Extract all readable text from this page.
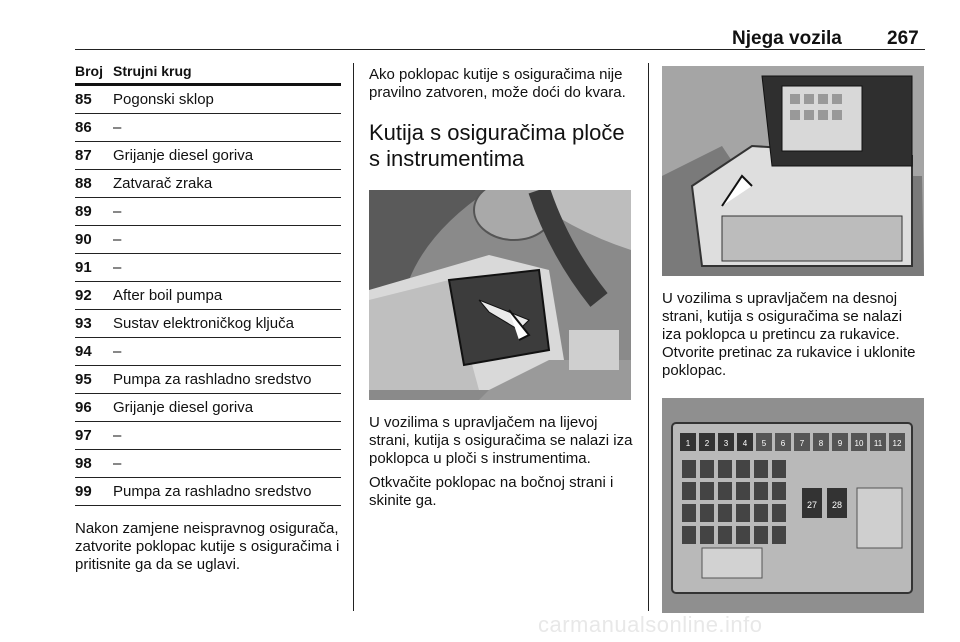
Njega vozila 267
Broj Strujni krug
85	Pogonski sklop
86	–
87	Grijanje diesel goriva
88	Zatvarač zraka
89	–
90	–
91	–
92	After boil pumpa
93	Sustav elektroničkog ključa
94	–
95	Pumpa za rashladno sredstvo
96	Grijanje diesel goriva
97	–
98	–
99	Pumpa za rashladno sredstvo
Nakon zamjene neispravnog osigurača, zatvorite poklopac kutije s osiguračima i pritisnite ga da se uglavi.

Ako poklopac kutije s osiguračima nije pravilno zatvoren, može doći do kvara.

Kutija s osiguračima ploče s instrumentima

U vozilima s upravljačem na lijevoj strani, kutija s osiguračima se nalazi iza poklopca u ploči s instrumentima.

Otkvačite poklopac na bočnoj strani i skinite ga.

U vozilima s upravljačem na desnoj strani, kutija s osiguračima se nalazi iza poklopca u pretincu za rukavice. Otvorite pretinac za rukavice i uklonite poklopac.

1 2 3 4 5 6 7 8 9 10 11 12
27 28
carmanualsonline.info
